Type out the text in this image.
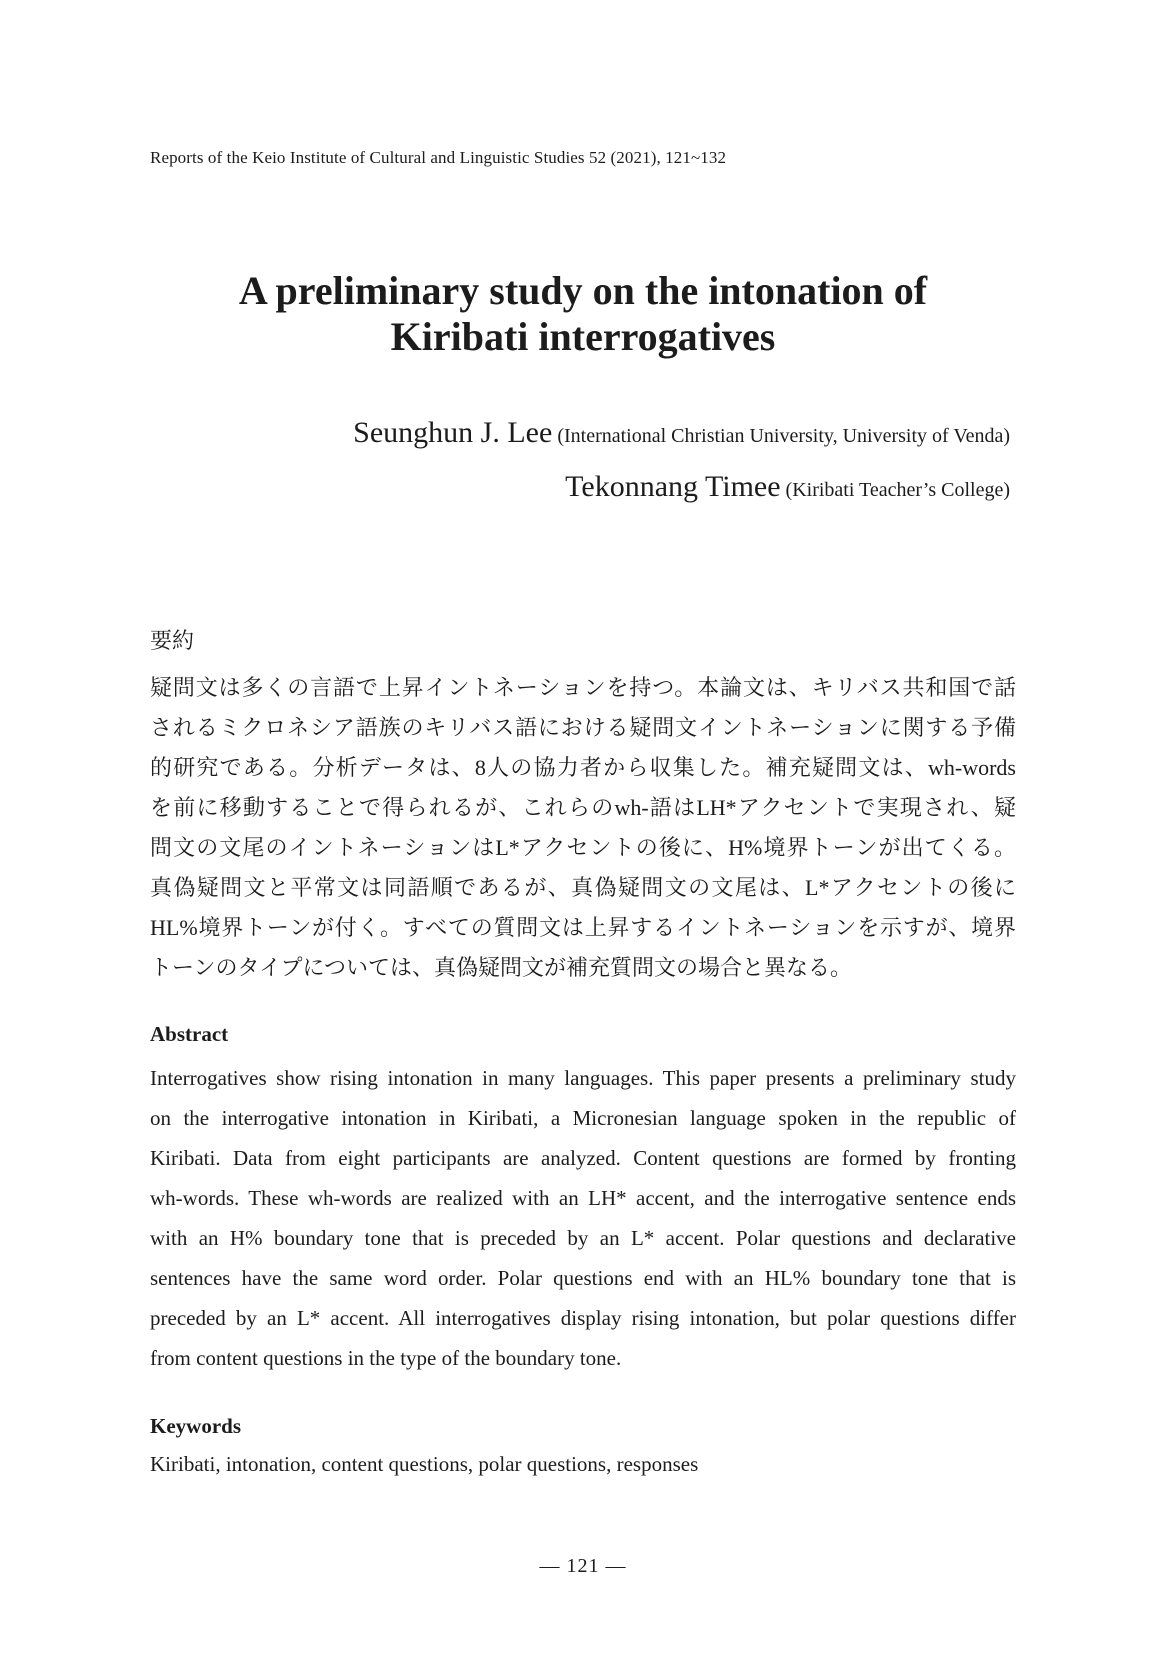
Reports of the Keio Institute of Cultural and Linguistic Studies 52 (2021), 121~132
A preliminary study on the intonation of
Kiribati interrogatives
Seunghun J. Lee (International Christian University, University of Venda)
Tekonnang Timee (Kiribati Teacher’s College)
要約
疑問文は多くの言語で上昇イントネーションを持つ。本論文は、キリバス共和国で話
されるミクロネシア語族のキリバス語における疑問文イントネーションに関する予備
的研究である。分析データは、8人の協力者から収集した。補充疑問文は、wh-words
を前に移動することで得られるが、これらのwh-語はLH*アクセントで実現され、疑
問文の文尾のイントネーションはL*アクセントの後に、H%境界トーンが出てくる。
真偽疑問文と平常文は同語順であるが、真偽疑問文の文尾は、L*アクセントの後に
HL%境界トーンが付く。すべての質問文は上昇するイントネーションを示すが、境界
トーンのタイプについては、真偽疑問文が補充質問文の場合と異なる。
Abstract
Interrogatives show rising intonation in many languages. This paper presents a preliminary study
on the interrogative intonation in Kiribati, a Micronesian language spoken in the republic of
Kiribati. Data from eight participants are analyzed. Content questions are formed by fronting
wh-words. These wh-words are realized with an LH* accent, and the interrogative sentence ends
with an H% boundary tone that is preceded by an L* accent. Polar questions and declarative
sentences have the same word order. Polar questions end with an HL% boundary tone that is
preceded by an L* accent. All interrogatives display rising intonation, but polar questions differ
from content questions in the type of the boundary tone.
Keywords
Kiribati, intonation, content questions, polar questions, responses
— 121 —
